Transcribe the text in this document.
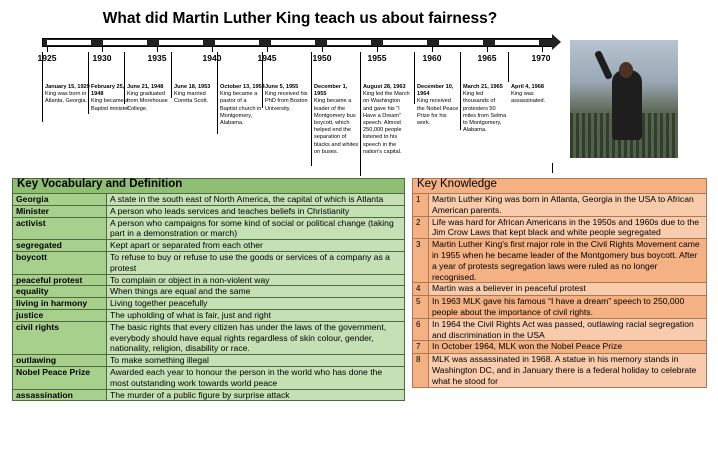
What did Martin Luther King teach us about fairness?
1925	1930	1935	1940	1945	1950	1955	1960	1965	1970
January 15, 1929
King was born in Atlanta, Georgia.
February 25, 1948
King became a Baptist minister.
June 21, 1948
King graduated from Morehouse College.
June 18, 1953
King married Coretta Scott.
October 13, 1954
King became a pastor of a Baptist church in Montgomery, Alabama.
June 5, 1955
King received his PhD from Boston University.
December 1, 1955
King became a leader of the Montgomery bus boycott, which helped end the separation of blacks and whites on buses.
August 28, 1963
King led the March on Washington and gave his “I Have a Dream” speech. Almost 250,000 people listened to his speech in the nation's capital.
December 10, 1964
King received the Nobel Peace Prize for his work.
March 21, 1965
King led thousands of protesters 50 miles from Selma to Montgomery, Alabama.
April 4, 1968
King was assassinated.
Key Vocabulary and Definition	
Georgia	A state in the south east of North America, the capital of which is Atlanta
Minister	A person who leads services and teaches beliefs in Christianity
activist	A person who campaigns for some kind of social or political change (taking part in a demonstration or march)
segregated	Kept apart or separated from each other
boycott	To refuse to buy or refuse to use the goods or services of a company as a protest
peaceful protest	To complain or object in a non-violent way
equality	When things are equal and the same
living in harmony	Living together peacefully
justice	The upholding of what is fair, just and right
civil rights	The basic rights that every citizen has under the laws of the government, everybody should have equal rights regardless of skin colour, gender, nationality, religion, disability or race.
outlawing	To make something illegal
Nobel Peace Prize	Awarded each year to honour the person in the world who has done the most outstanding work towards world peace
assassination	The murder of a public figure by surprise attack
Key Knowledge	
1	Martin Luther King was born in Atlanta, Georgia in the USA to African American parents.
2	Life was hard for African Americans in the 1950s and 1960s due to the Jim Crow Laws that kept black and white people segregated
3	Martin Luther King's first major role in the Civil Rights Movement came in 1955 when he became leader of the Montgomery bus boycott. After a year of protests segregation laws were ruled as no longer recognised.
4	Martin was a believer in peaceful protest
5	In 1963 MLK gave his famous “I have a dream” speech to 250,000 people about the importance of civil rights.
6	In 1964 the Civil Rights Act was passed, outlawing racial segregation and discrimination in the USA
7	In October 1964, MLK won the Nobel Peace Prize
8	MLK was assassinated in 1968. A statue in his memory stands in Washington DC, and in January there is a federal holiday to celebrate what he stood for
